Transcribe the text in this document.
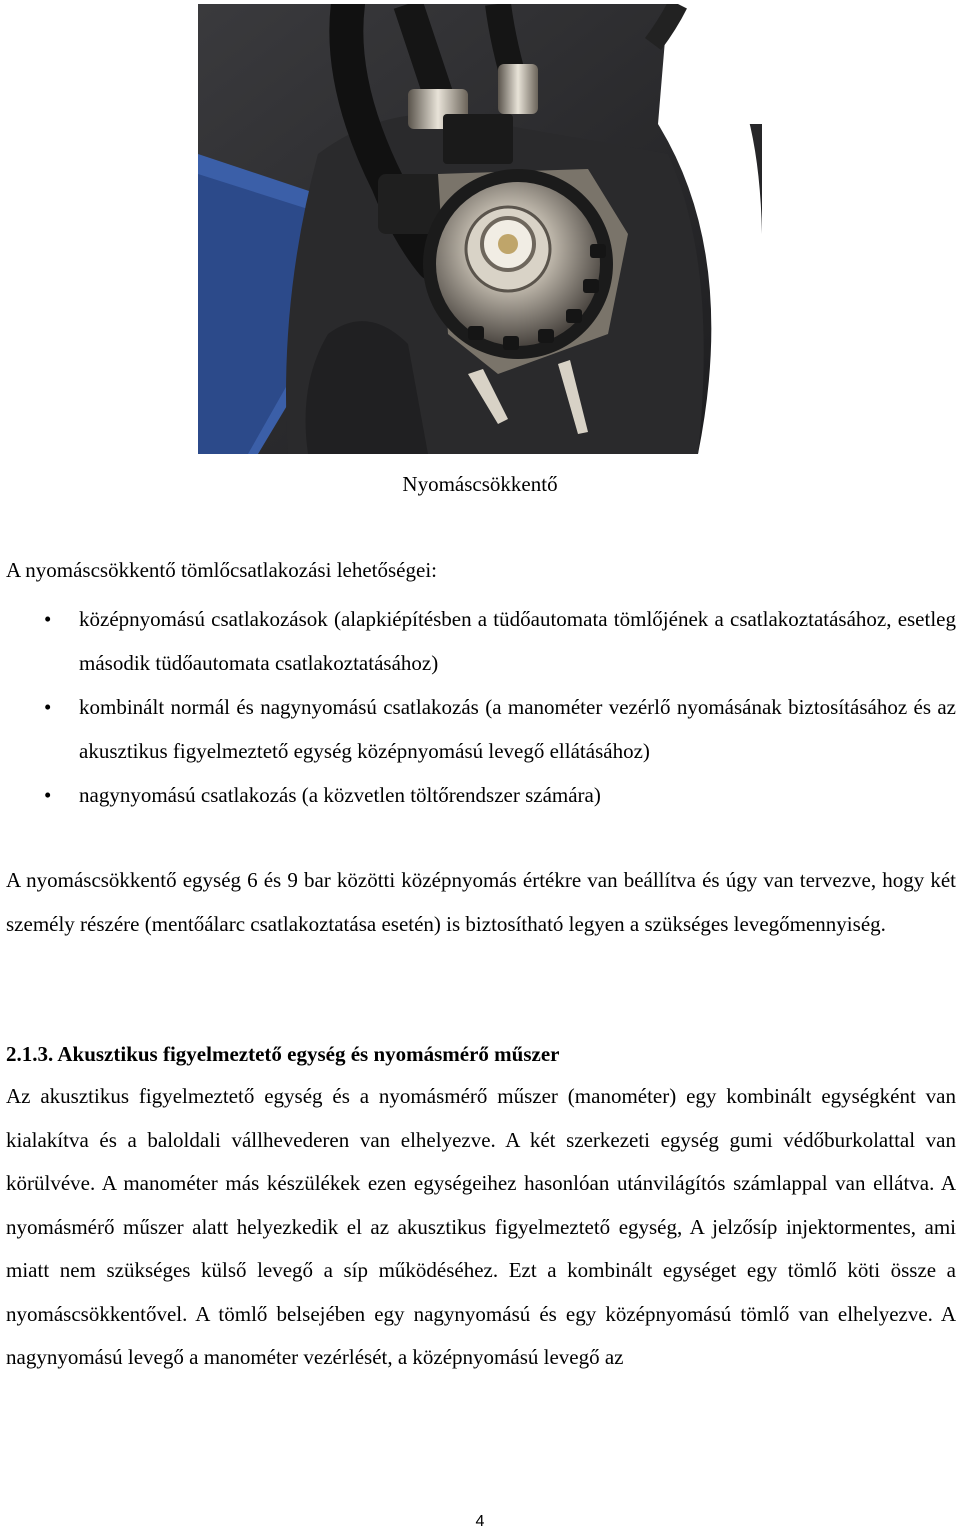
Nyomáscsökkentő
A nyomáscsökkentő tömlőcsatlakozási lehetőségei:
• középnyomású csatlakozások (alapkiépítésben a tüdőautomata tömlőjének a csatlakoztatásához, esetleg második tüdőautomata csatlakoztatásához)
• kombinált normál és nagynyomású csatlakozás (a manométer vezérlő nyomásának biztosításához és az akusztikus figyelmeztető egység középnyomású levegő ellátásához)
• nagynyomású csatlakozás (a közvetlen töltőrendszer számára)
A nyomáscsökkentő egység 6 és 9 bar közötti középnyomás értékre van beállítva és úgy van tervezve, hogy két személy részére (mentőálarc csatlakoztatása esetén) is biztosítható legyen a szükséges levegőmennyiség.
2.1.3. Akusztikus figyelmeztető egység és nyomásmérő műszer
Az akusztikus figyelmeztető egység és a nyomásmérő műszer (manométer) egy kombinált egységként van kialakítva és a baloldali vállhevederen van elhelyezve. A két szerkezeti egység gumi védőburkolattal van körülvéve. A manométer más készülékek ezen egységeihez hasonlóan utánvilágítós számlappal van ellátva. A nyomásmérő műszer alatt helyezkedik el az akusztikus figyelmeztető egység, A jelzősíp injektormentes, ami miatt nem szükséges külső levegő a síp működéséhez. Ezt a kombinált egységet egy tömlő köti össze a nyomáscsökkentővel. A tömlő belsejében egy nagynyomású és egy középnyomású tömlő van elhelyezve. A nagynyomású levegő a manométer vezérlését, a középnyomású levegő az
4
